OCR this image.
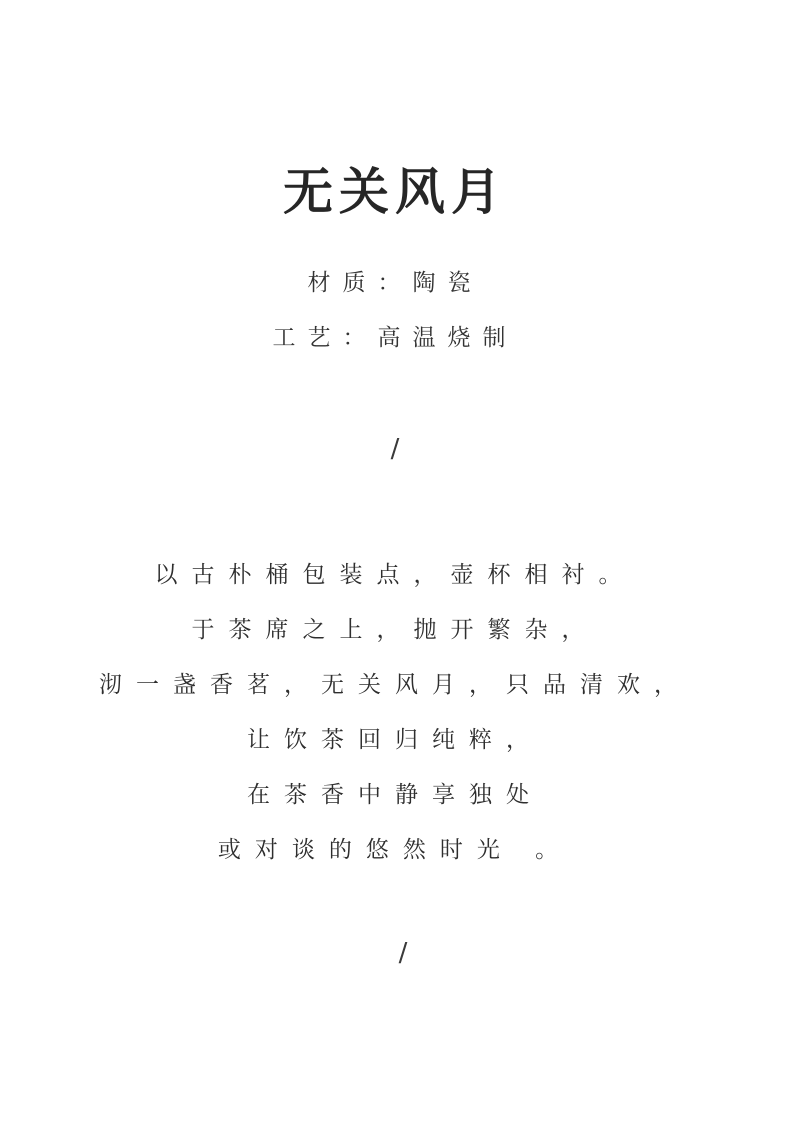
无关风月
材质：陶瓷
工艺：高温烧制
/
以古朴桶包装点，壶杯相衬。
于茶席之上，抛开繁杂，
沏一盏香茗，无关风月，只品清欢，
让饮茶回归纯粹，
在茶香中静享独处
或对谈的悠然时光 。
/
